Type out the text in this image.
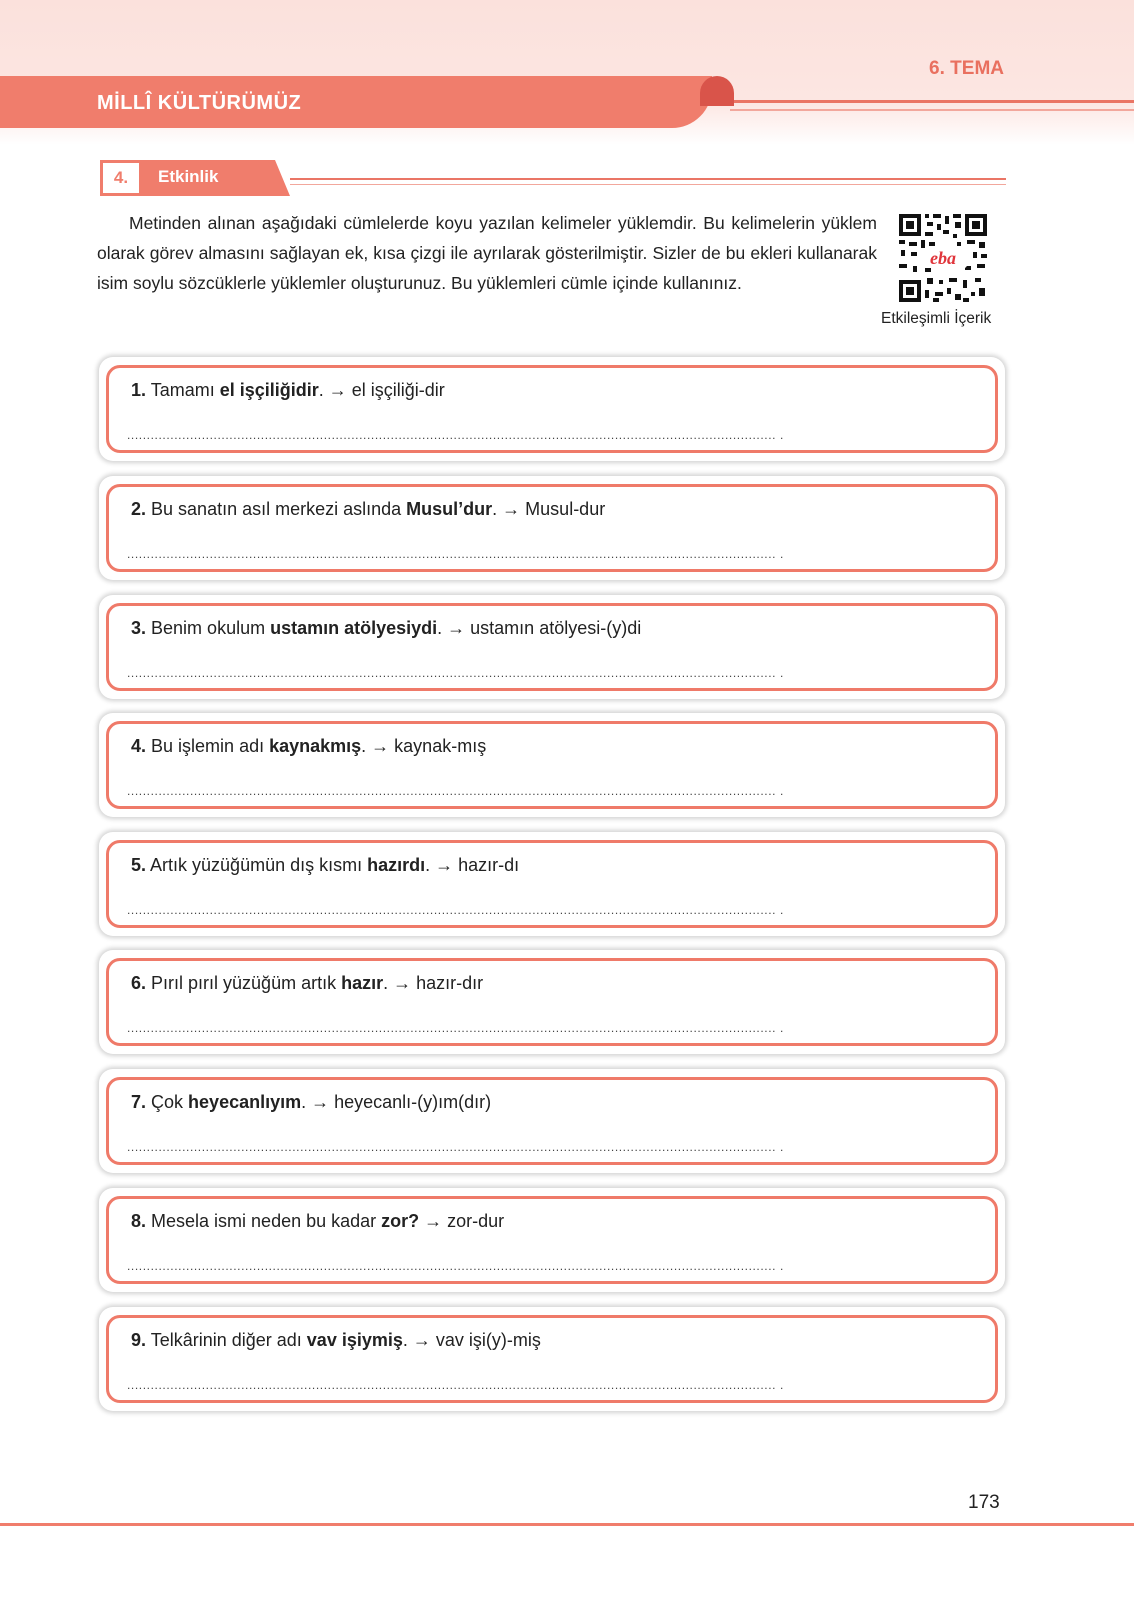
6. TEMA
MİLLÎ KÜLTÜRÜMÜZ
4.	Etkinlik
Metinden alınan aşağıdaki cümlelerde koyu yazılan kelimeler yüklemdir. Bu kelimelerin yüklem olarak görev almasını sağlayan ek, kısa çizgi ile ayrılarak gösterilmiştir. Sizler de bu ekleri kullanarak isim soylu sözcüklerle yüklemler oluşturunuz. Bu yüklemleri cümle içinde kullanınız.
eba
Etkileşimli İçerik
1. Tamamı el işçiliğidir. → el işçiliği-dir
..................................................................................................................................................................... .
2. Bu sanatın asıl merkezi aslında Musul’dur. → Musul-dur
..................................................................................................................................................................... .
3. Benim okulum ustamın atölyesiydi. → ustamın atölyesi-(y)di
..................................................................................................................................................................... .
4. Bu işlemin adı kaynakmış. → kaynak-mış
..................................................................................................................................................................... .
5. Artık yüzüğümün dış kısmı hazırdı. → hazır-dı
..................................................................................................................................................................... .
6. Pırıl pırıl yüzüğüm artık hazır. → hazır-dır
..................................................................................................................................................................... .
7. Çok heyecanlıyım. → heyecanlı-(y)ım(dır)
..................................................................................................................................................................... .
8. Mesela ismi neden bu kadar zor? → zor-dur
..................................................................................................................................................................... .
9. Telkârinin diğer adı vav işiymiş. → vav işi(y)-miş
..................................................................................................................................................................... .
173
